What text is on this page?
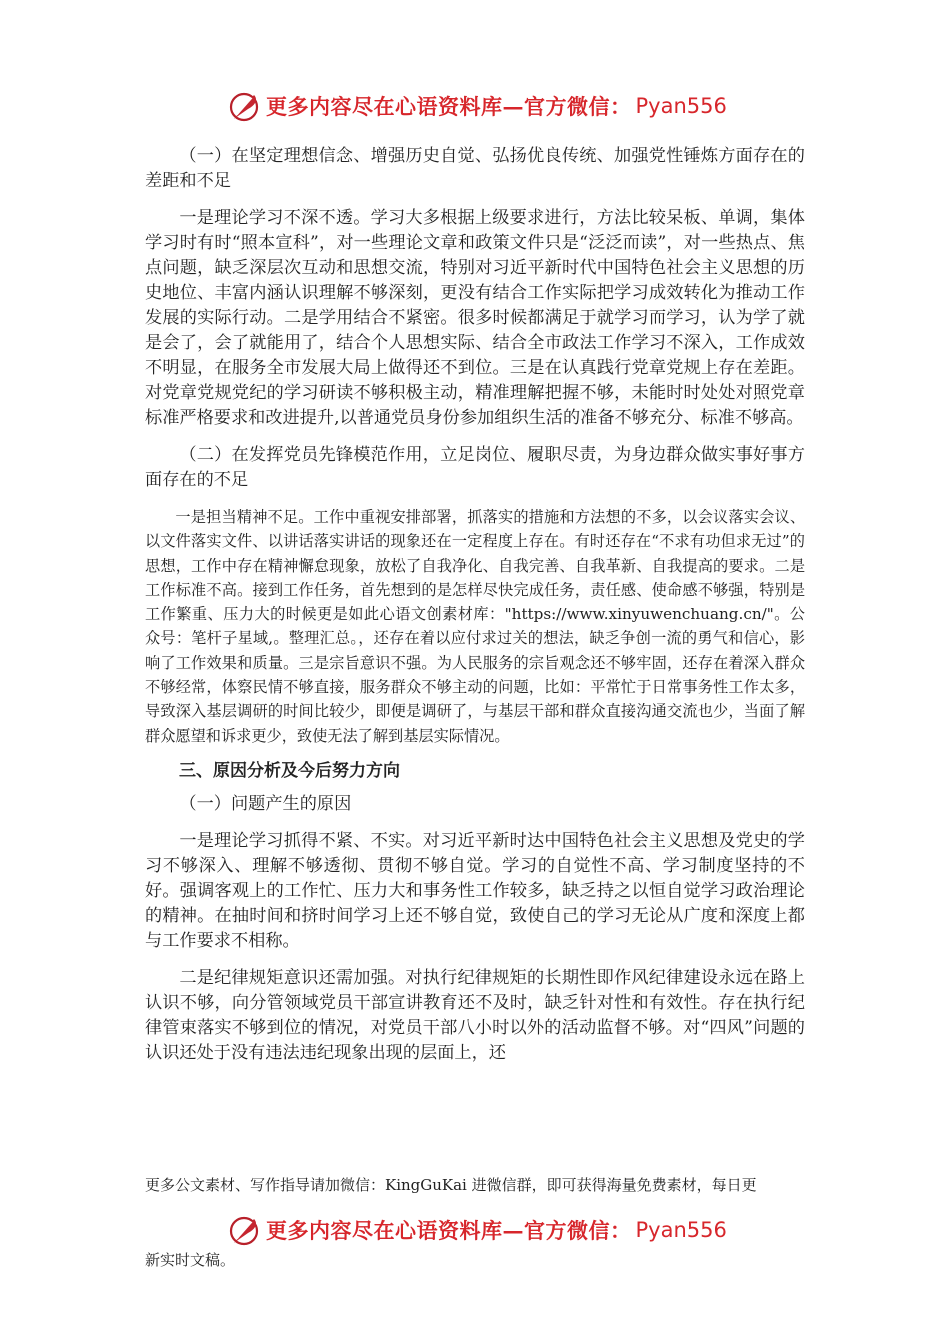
更多内容尽在心语资料库—官方微信： Pyan556

（一）在坚定理想信念、增强历史自觉、弘扬优良传统、加强党性锤炼方面存在的差距和不足

一是理论学习不深不透。学习大多根据上级要求进行，方法比较呆板、单调，集体学习时有时“照本宣科”，对一些理论文章和政策文件只是“泛泛而读”，对一些热点、焦点问题，缺乏深层次互动和思想交流，特别对习近平新时代中国特色社会主义思想的历史地位、丰富内涵认识理解不够深刻，更没有结合工作实际把学习成效转化为推动工作发展的实际行动。二是学用结合不紧密。很多时候都满足于就学习而学习，认为学了就是会了，会了就能用了，结合个人思想实际、结合全市政法工作学习不深入，工作成效不明显，在服务全市发展大局上做得还不到位。三是在认真践行党章党规上存在差距。对党章党规党纪的学习研读不够积极主动，精准理解把握不够，未能时时处处对照党章标准严格要求和改进提升,以普通党员身份参加组织生活的准备不够充分、标准不够高。

（二）在发挥党员先锋模范作用，立足岗位、履职尽责，为身边群众做实事好事方面存在的不足

一是担当精神不足。工作中重视安排部署，抓落实的措施和方法想的不多，以会议落实会议、以文件落实文件、以讲话落实讲话的现象还在一定程度上存在。有时还存在“不求有功但求无过”的思想，工作中存在精神懈怠现象，放松了自我净化、自我完善、自我革新、自我提高的要求。二是工作标准不高。接到工作任务，首先想到的是怎样尽快完成任务，责任感、使命感不够强，特别是工作繁重、压力大的时候更是如此心语文创素材库："https://www.xinyuwenchuang.cn/"。公众号：笔杆子星域,。整理汇总。，还存在着以应付求过关的想法，缺乏争创一流的勇气和信心，影响了工作效果和质量。三是宗旨意识不强。为人民服务的宗旨观念还不够牢固，还存在着深入群众不够经常，体察民情不够直接，服务群众不够主动的问题，比如：平常忙于日常事务性工作太多，导致深入基层调研的时间比较少，即便是调研了，与基层干部和群众直接沟通交流也少，当面了解群众愿望和诉求更少，致使无法了解到基层实际情况。

三、原因分析及今后努力方向

（一）问题产生的原因

一是理论学习抓得不紧、不实。对习近平新时达中国特色社会主义思想及党史的学习不够深入、理解不够透彻、贯彻不够自觉。学习的自觉性不高、学习制度坚持的不好。强调客观上的工作忙、压力大和事务性工作较多，缺乏持之以恒自觉学习政治理论的精神。在抽时间和挤时间学习上还不够自觉，致使自己的学习无论从广度和深度上都与工作要求不相称。

二是纪律规矩意识还需加强。对执行纪律规矩的长期性即作风纪律建设永远在路上认识不够，向分管领域党员干部宣讲教育还不及时，缺乏针对性和有效性。存在执行纪律管束落实不够到位的情况，对党员干部八小时以外的活动监督不够。对“四风”问题的认识还处于没有违法违纪现象出现的层面上，还

更多公文素材、写作指导请加微信：KingGuKai 进微信群，即可获得海量免费素材，每日更
更多内容尽在心语资料库—官方微信： Pyan556
新实时文稿。
